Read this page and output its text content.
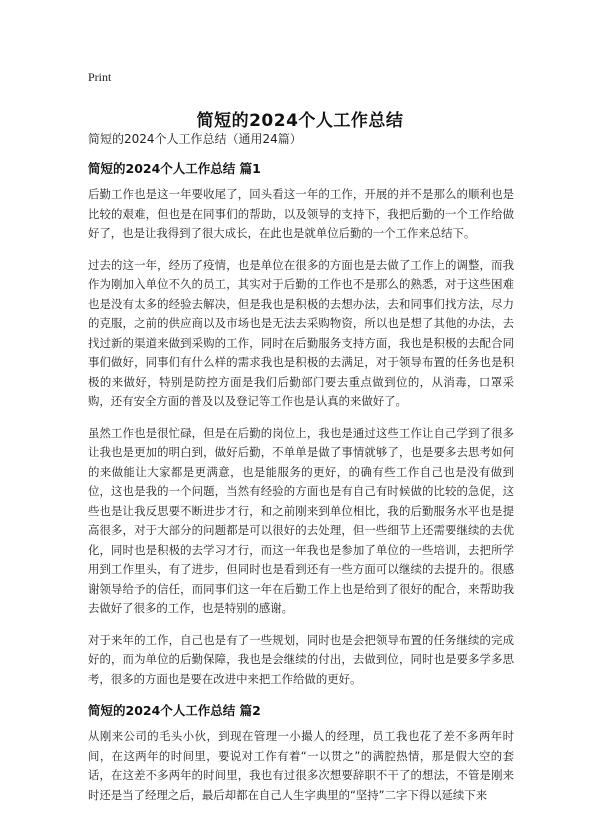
Print
简短的2024个人工作总结
简短的2024个人工作总结（通用24篇）
简短的2024个人工作总结 篇1

后勤工作也是这一年要收尾了，回头看这一年的工作，开展的并不是那么的顺利也是比较的艰难，但也是在同事们的帮助，以及领导的支持下，我把后勤的一个工作给做好了，也是让我得到了很大成长，在此也是就单位后勤的一个工作来总结下。

过去的这一年，经历了疫情，也是单位在很多的方面也是去做了工作上的调整，而我作为刚加入单位不久的员工，其实对于后勤的工作也不是那么的熟悉，对于这些困难也是没有太多的经验去解决，但是我也是积极的去想办法，去和同事们找方法，尽力的克服，之前的供应商以及市场也是无法去采购物资，所以也是想了其他的办法，去找过新的渠道来做到采购的工作，同时在后勤服务支持方面，我也是积极的去配合同事们做好，同事们有什么样的需求我也是积极的去满足，对于领导布置的任务也是积极的来做好，特别是防控方面是我们后勤部门要去重点做到位的，从消毒，口罩采购，还有安全方面的普及以及登记等工作也是认真的来做好了。

虽然工作也是很忙碌，但是在后勤的岗位上，我也是通过这些工作让自己学到了很多让我也是更加的明白到，做好后勤，不单单是做了事情就够了，也是要多去思考如何的来做能让大家都是更满意，也是能服务的更好，的确有些工作自己也是没有做到位，这也是我的一个问题，当然有经验的方面也是有自己有时候做的比较的急促，这些也是让我反思要不断进步才行，和之前刚来到单位相比，我的后勤服务水平也是提高很多，对于大部分的问题都是可以很好的去处理，但一些细节上还需要继续的去优化，同时也是积极的去学习才行，而这一年我也是参加了单位的一些培训，去把所学用到工作里头，有了进步，但同时也是看到还有一些方面可以继续的去提升的。很感谢领导给予的信任，而同事们这一年在后勤工作上也是给到了很好的配合，来帮助我去做好了很多的工作，也是特别的感谢。

对于来年的工作，自己也是有了一些规划，同时也是会把领导布置的任务继续的完成好的，而为单位的后勤保障，我也是会继续的付出，去做到位，同时也是要多学多思考，很多的方面也是要在改进中来把工作给做的更好。

简短的2024个人工作总结 篇2

从刚来公司的毛头小伙，到现在管理一小撮人的经理，员工我也花了差不多两年时间，在这两年的时间里，要说对工作有着“一以贯之”的满腔热情，那是假大空的套话，在这差不多两年的时间里，我也有过很多次想要辞职不干了的想法，不管是刚来时还是当了经理之后，最后却都在自己人生字典里的“坚持”二字下得以延续下来
